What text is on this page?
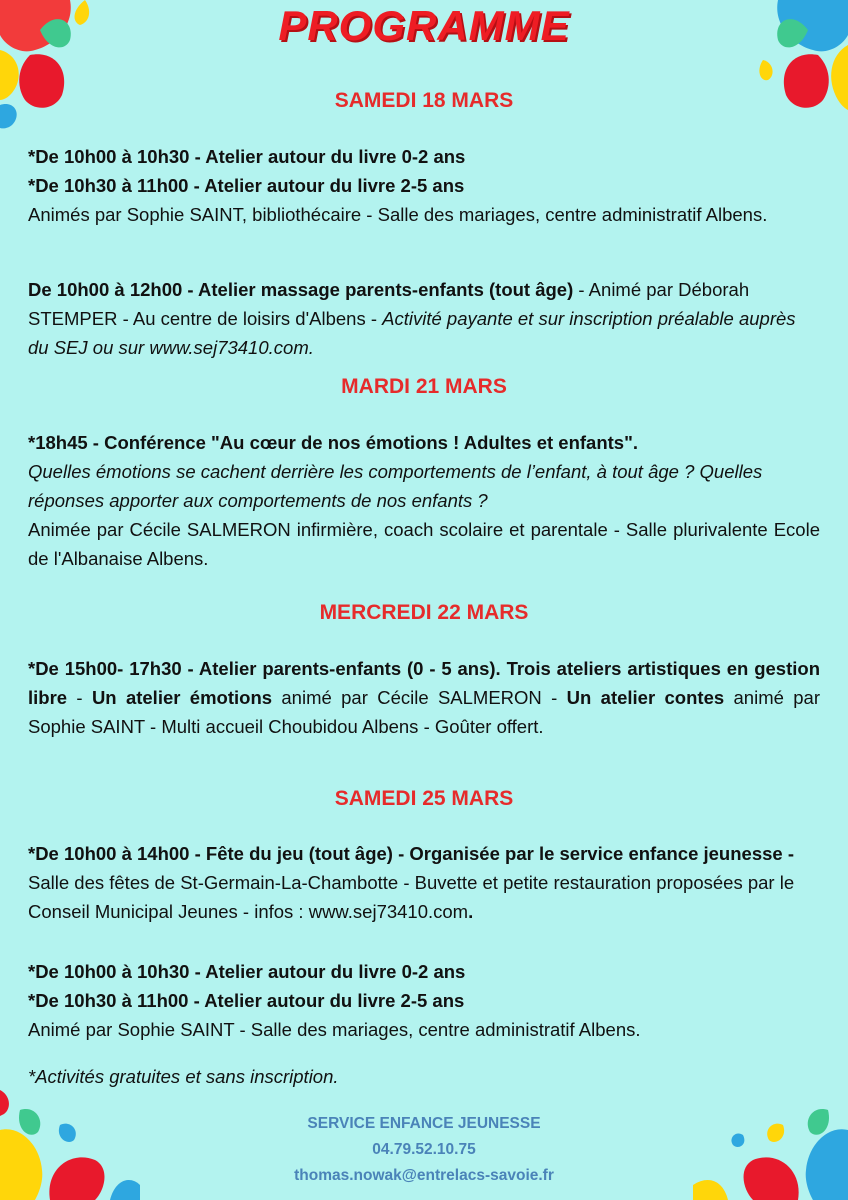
PROGRAMME
SAMEDI 18 MARS

*De 10h00 à 10h30 - Atelier autour du livre 0-2 ans

*De 10h30 à 11h00 - Atelier autour du livre 2-5 ans

Animés par Sophie SAINT, bibliothécaire - Salle des mariages, centre administratif Albens.

De 10h00 à 12h00 - Atelier massage parents-enfants (tout âge) - Animé par Déborah STEMPER - Au centre de loisirs d'Albens - Activité payante et sur inscription préalable auprès du SEJ ou sur www.sej73410.com.

MARDI 21 MARS

*18h45 - Conférence "Au cœur de nos émotions ! Adultes et enfants".

Quelles émotions se cachent derrière les comportements de l’enfant, à tout âge ? Quelles réponses apporter aux comportements de nos enfants ?

Animée par Cécile SALMERON infirmière, coach scolaire et parentale - Salle plurivalente Ecole de l'Albanaise Albens.

MERCREDI 22 MARS

*De 15h00- 17h30 - Atelier parents-enfants (0 - 5 ans). Trois ateliers artistiques en gestion libre - Un atelier émotions animé par Cécile SALMERON - Un atelier contes animé par Sophie SAINT - Multi accueil Choubidou Albens - Goûter offert.

SAMEDI 25 MARS

*De 10h00 à 14h00 - Fête du jeu (tout âge) - Organisée par le service enfance jeunesse - Salle des fêtes de St-Germain-La-Chambotte - Buvette et petite restauration proposées par le Conseil Municipal Jeunes - infos : www.sej73410.com.

*De 10h00 à 10h30 - Atelier autour du livre 0-2 ans

*De 10h30 à 11h00 - Atelier autour du livre 2-5 ans

Animé par Sophie SAINT - Salle des mariages, centre administratif Albens.

*Activités gratuites et sans inscription.
SERVICE ENFANCE JEUNESSE
04.79.52.10.75
thomas.nowak@entrelacs-savoie.fr
